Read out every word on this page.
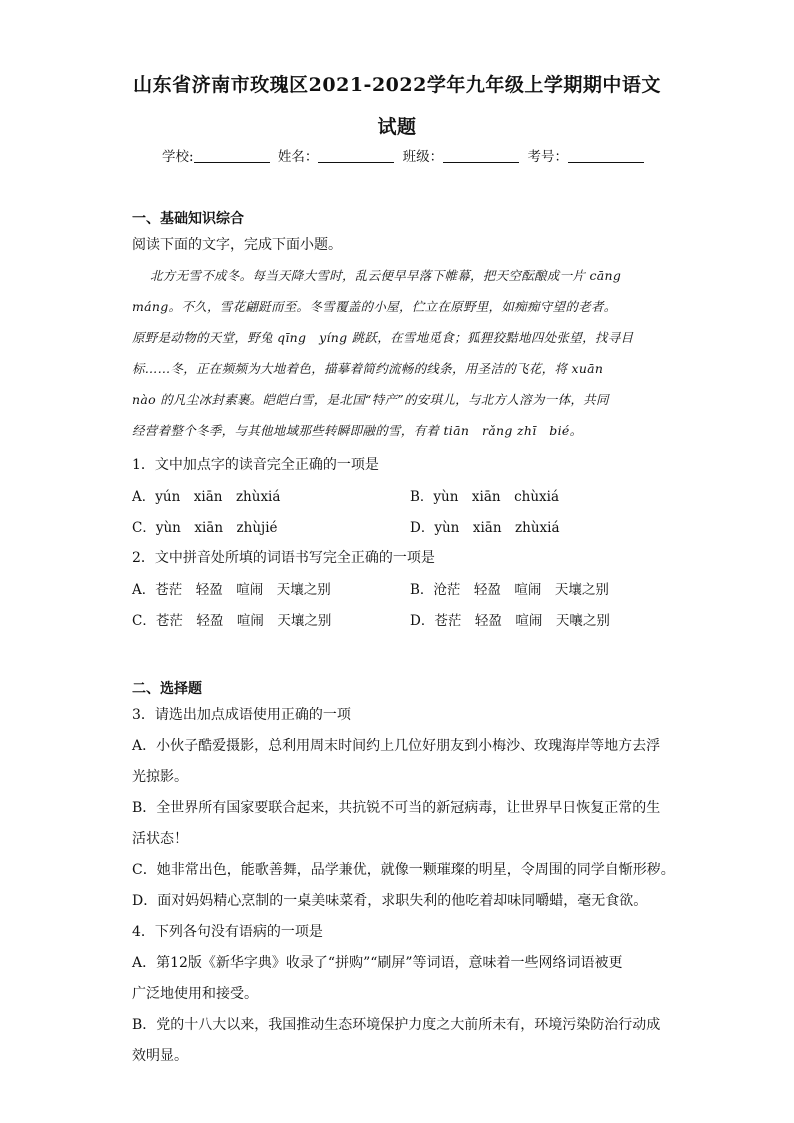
山东省济南市玫瑰区2021-2022学年九年级上学期期中语文
试题
学校:	姓名：	班级：	考号：
一、基础知识综合
阅读下面的文字，完成下面小题。
北方无雪不成冬。每当天降大雪时，乱云便早早落下帷幕，把天空酝酿成一片 cāng
máng。不久，雪花翩跹而至。冬雪覆盖的小屋，伫立在原野里，如痴痴守望的老者。
原野是动物的天堂，野兔 qīng　yíng 跳跃，在雪地觅食；狐狸狡黠地四处张望，找寻目
标……冬，正在频频为大地着色，描摹着简约流畅的线条，用圣洁的飞花，将 xuān
nào 的凡尘冰封素裹。皑皑白雪，是北国“特产”的安琪儿，与北方人溶为一体，共同
经营着整个冬季，与其他地域那些转瞬即融的雪，有着 tiān　rǎng zhī　bié。
1．文中加点字的读音完全正确的一项是
A．yún　xiān　zhùxiá	B．yùn　xiān　chùxiá
C．yùn　xiān　zhùjié	D．yùn　xiān　zhùxiá
2．文中拼音处所填的词语书写完全正确的一项是
A．苍茫　轻盈　喧闹　天壤之别	B．沧茫　轻盈　喧闹　天壤之别
C．苍茫　轻盈　喧闹　天壤之别	D．苍茫　轻盈　喧闹　天嚷之别
二、选择题
3．请选出加点成语使用正确的一项
A．小伙子酷爱摄影，总利用周末时间约上几位好朋友到小梅沙、玫瑰海岸等地方去浮
光掠影。
B．全世界所有国家要联合起来，共抗锐不可当的新冠病毒，让世界早日恢复正常的生
活状态！
C．她非常出色，能歌善舞，品学兼优，就像一颗璀璨的明星，令周围的同学自惭形秽。
D．面对妈妈精心烹制的一桌美味菜肴，求职失利的他吃着却味同嚼蜡，毫无食欲。
4．下列各句没有语病的一项是
A．第12版《新华字典》收录了“拼购”“刷屏”等词语，意味着一些网络词语被更
广泛地使用和接受。
B．党的十八大以来，我国推动生态环境保护力度之大前所未有，环境污染防治行动成
效明显。
